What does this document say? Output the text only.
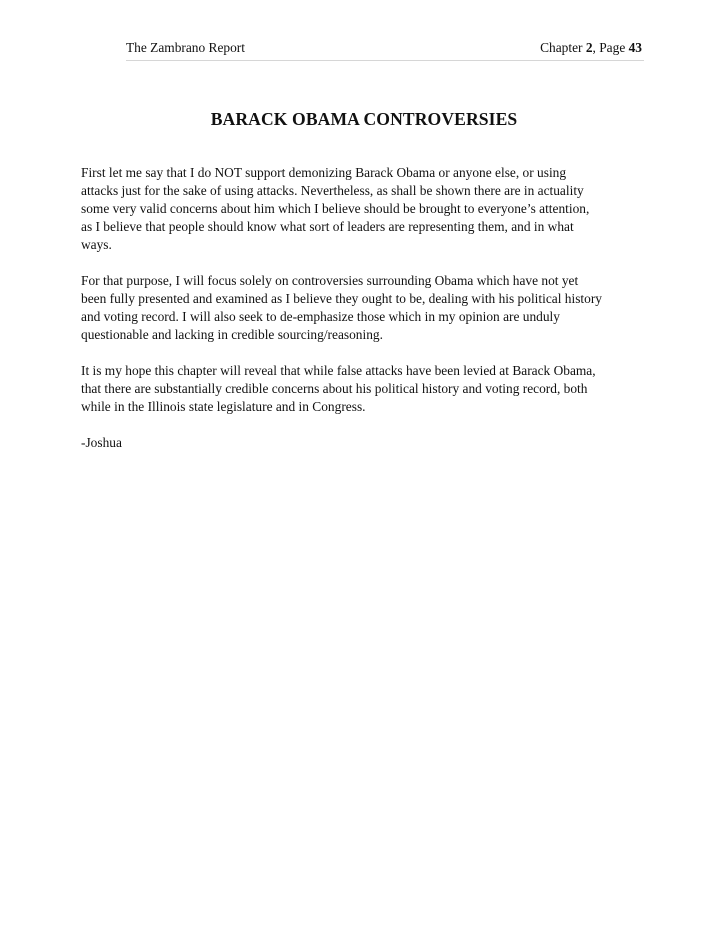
The Zambrano Report	Chapter 2, Page 43
BARACK OBAMA CONTROVERSIES

First let me say that I do NOT support demonizing Barack Obama or anyone else, or using
attacks just for the sake of using attacks. Nevertheless, as shall be shown there are in actuality
some very valid concerns about him which I believe should be brought to everyone’s attention,
as I believe that people should know what sort of leaders are representing them, and in what
ways.

For that purpose, I will focus solely on controversies surrounding Obama which have not yet
been fully presented and examined as I believe they ought to be, dealing with his political history
and voting record. I will also seek to de-emphasize those which in my opinion are unduly
questionable and lacking in credible sourcing/reasoning.

It is my hope this chapter will reveal that while false attacks have been levied at Barack Obama,
that there are substantially credible concerns about his political history and voting record, both
while in the Illinois state legislature and in Congress.

-Joshua
